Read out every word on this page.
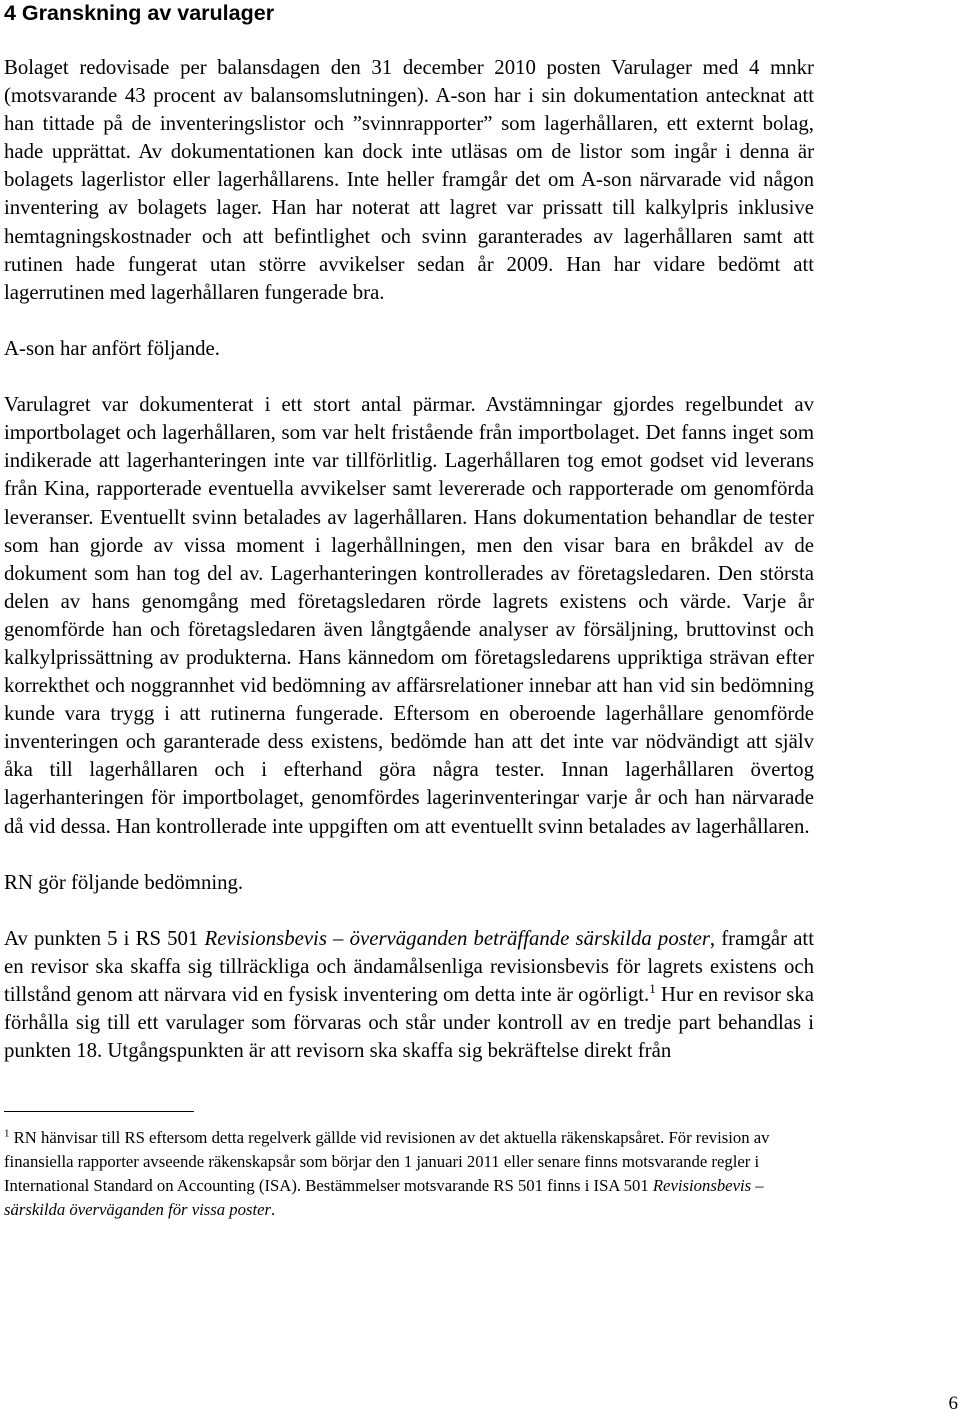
4 Granskning av varulager

Bolaget redovisade per balansdagen den 31 december 2010 posten Varulager med 4 mnkr (motsvarande 43 procent av balansomslutningen). A-son har i sin dokumentation antecknat att han tittade på de inventeringslistor och ”svinnrapporter” som lagerhållaren, ett externt bolag, hade upprättat. Av dokumentationen kan dock inte utläsas om de listor som ingår i denna är bolagets lagerlistor eller lagerhållarens. Inte heller framgår det om A-son närvarade vid någon inventering av bolagets lager. Han har noterat att lagret var prissatt till kalkylpris inklusive hemtagningskostnader och att befintlighet och svinn garanterades av lagerhållaren samt att rutinen hade fungerat utan större avvikelser sedan år 2009. Han har vidare bedömt att lagerrutinen med lagerhållaren fungerade bra.

A-son har anfört följande.

Varulagret var dokumenterat i ett stort antal pärmar. Avstämningar gjordes regelbundet av importbolaget och lagerhållaren, som var helt fristående från importbolaget. Det fanns inget som indikerade att lagerhanteringen inte var tillförlitlig. Lagerhållaren tog emot godset vid leverans från Kina, rapporterade eventuella avvikelser samt levererade och rapporterade om genomförda leveranser. Eventuellt svinn betalades av lagerhållaren. Hans dokumentation behandlar de tester som han gjorde av vissa moment i lagerhållningen, men den visar bara en bråkdel av de dokument som han tog del av. Lagerhanteringen kontrollerades av företagsledaren. Den största delen av hans genomgång med företagsledaren rörde lagrets existens och värde. Varje år genomförde han och företagsledaren även långtgående analyser av försäljning, bruttovinst och kalkylprissättning av produkterna. Hans kännedom om företagsledarens uppriktiga strävan efter korrekthet och noggrannhet vid bedömning av affärsrelationer innebar att han vid sin bedömning kunde vara trygg i att rutinerna fungerade. Eftersom en oberoende lagerhållare genomförde inventeringen och garanterade dess existens, bedömde han att det inte var nödvändigt att själv åka till lagerhållaren och i efterhand göra några tester. Innan lagerhållaren övertog lagerhanteringen för importbolaget, genomfördes lagerinventeringar varje år och han närvarade då vid dessa. Han kontrollerade inte uppgiften om att eventuellt svinn betalades av lagerhållaren.

RN gör följande bedömning.

Av punkten 5 i RS 501 Revisionsbevis – överväganden beträffande särskilda poster, framgår att en revisor ska skaffa sig tillräckliga och ändamålsenliga revisionsbevis för lagrets existens och tillstånd genom att närvara vid en fysisk inventering om detta inte är ogörligt.$^1$ Hur en revisor ska förhålla sig till ett varulager som förvaras och står under kontroll av en tredje part behandlas i punkten 18. Utgångspunkten är att revisorn ska skaffa sig bekräftelse direkt från

$^1$ RN hänvisar till RS eftersom detta regelverk gällde vid revisionen av det aktuella räkenskapsåret. För revision av finansiella rapporter avseende räkenskapsår som börjar den 1 januari 2011 eller senare finns motsvarande regler i International Standard on Accounting (ISA). Bestämmelser motsvarande RS 501 finns i ISA 501 Revisionsbevis – särskilda överväganden för vissa poster.

6
